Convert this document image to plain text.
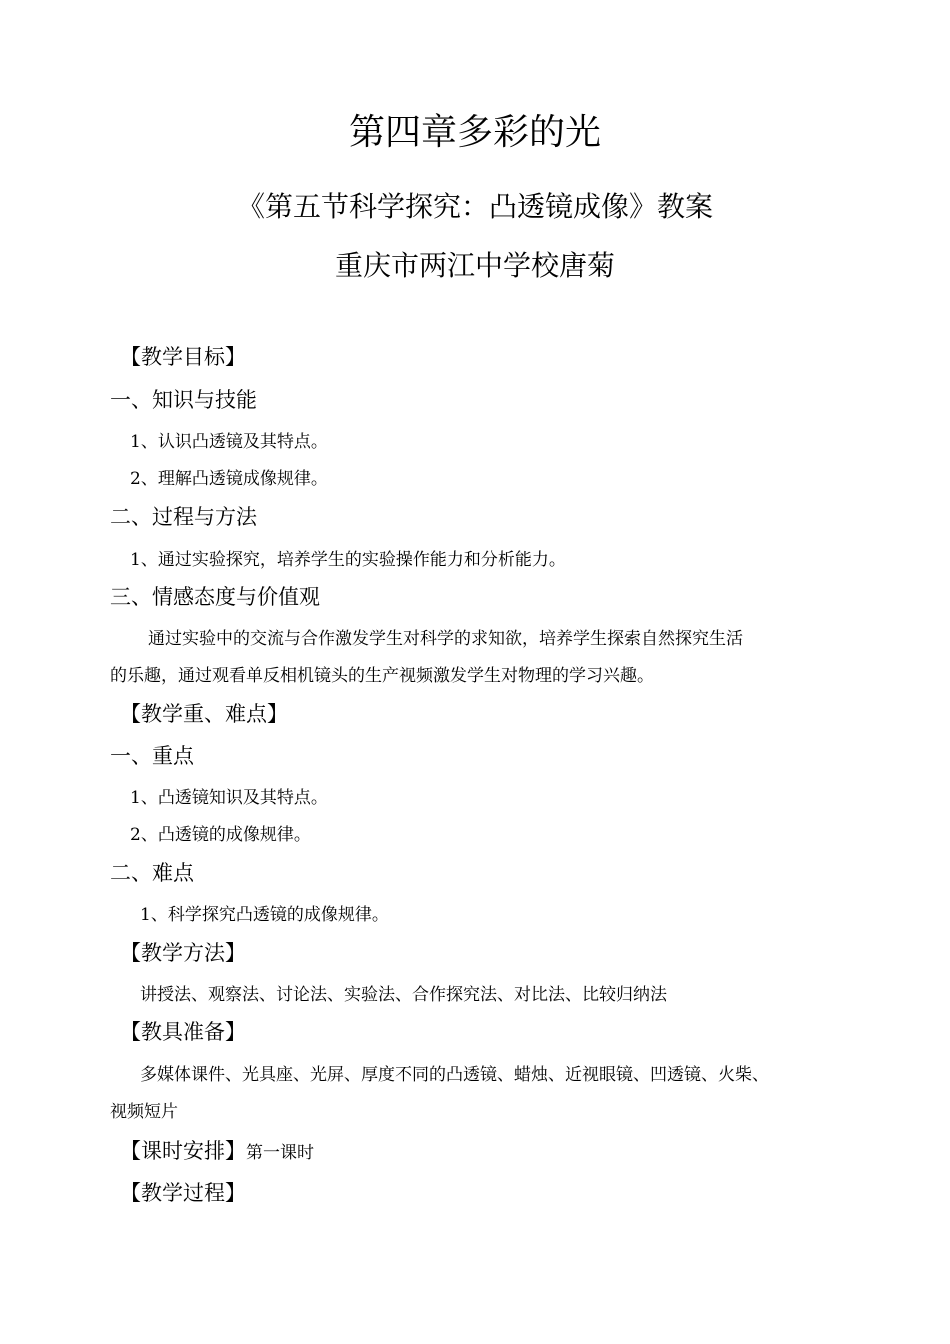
第四章多彩的光
《第五节科学探究：凸透镜成像》教案
重庆市两江中学校唐菊
【教学目标】
一、知识与技能
1、认识凸透镜及其特点。
2、理解凸透镜成像规律。
二、过程与方法
1、通过实验探究，培养学生的实验操作能力和分析能力。
三、情感态度与价值观
通过实验中的交流与合作激发学生对科学的求知欲，培养学生探索自然探究生活
的乐趣，通过观看单反相机镜头的生产视频激发学生对物理的学习兴趣。
【教学重、难点】
一、重点
1、凸透镜知识及其特点。
2、凸透镜的成像规律。
二、难点
1、科学探究凸透镜的成像规律。
【教学方法】
讲授法、观察法、讨论法、实验法、合作探究法、对比法、比较归纳法
【教具准备】
多媒体课件、光具座、光屏、厚度不同的凸透镜、蜡烛、近视眼镜、凹透镜、火柴、
视频短片
【课时安排】第一课时
【教学过程】
